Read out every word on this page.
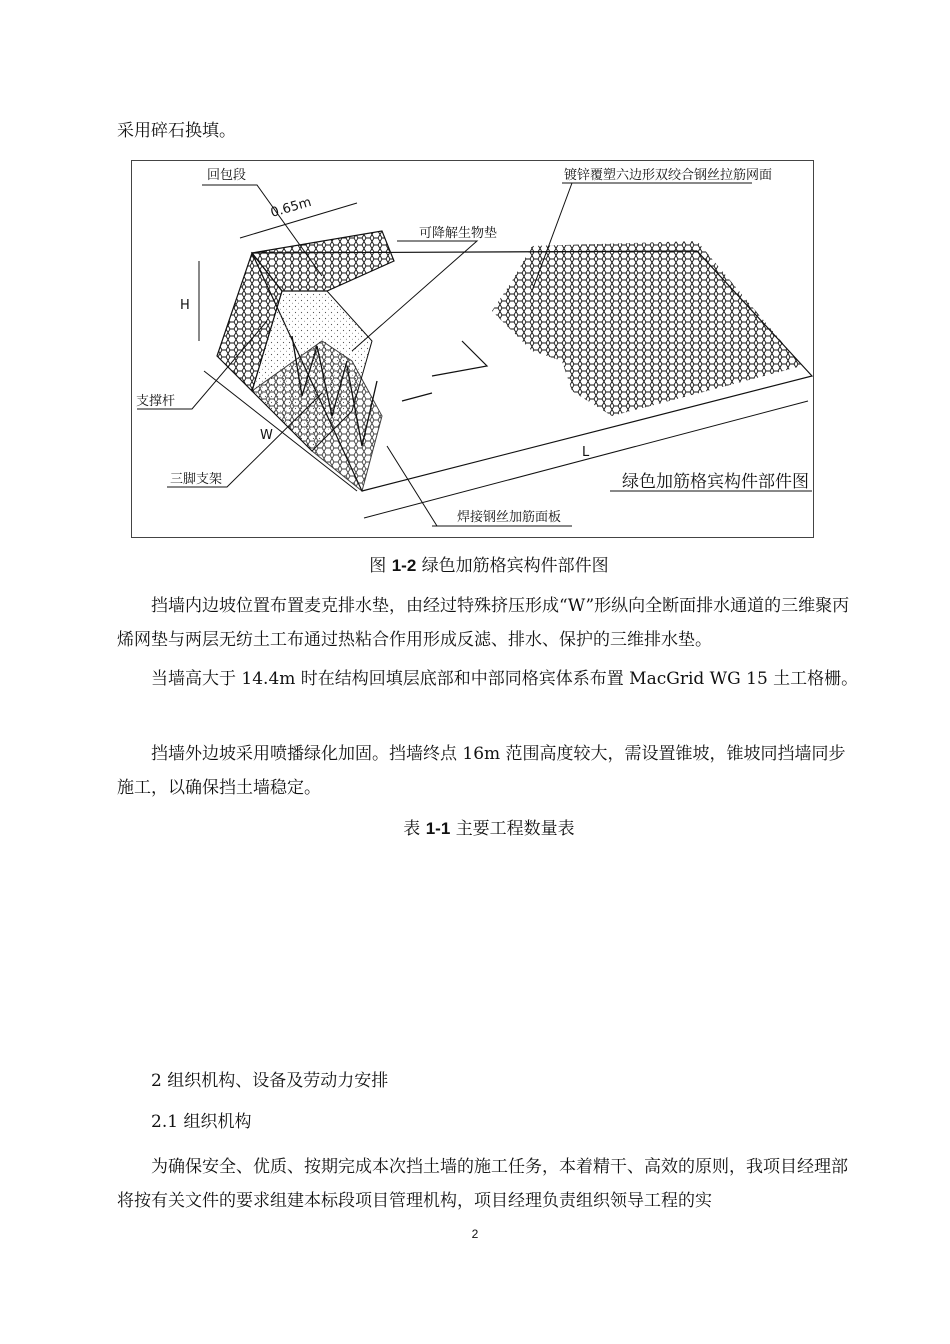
采用碎石换填。

回包段
0.65m
可降解生物垫
镀锌覆塑六边形双绞合钢丝拉筋网面
H
支撑杆
W
三脚支架
L
绿色加筋格宾构件部件图
焊接钢丝加筋面板

图 1-2 绿色加筋格宾构件部件图

挡墙内边坡位置布置麦克排水垫，由经过特殊挤压形成“W”形纵向全断面排水通道的三维聚丙烯网垫与两层无纺土工布通过热粘合作用形成反滤、排水、保护的三维排水垫。

当墙高大于 14.4m 时在结构回填层底部和中部同格宾体系布置 MacGrid WG 15 土工格栅。

挡墙外边坡采用喷播绿化加固。挡墙终点 16m 范围高度较大，需设置锥坡，锥坡同挡墙同步施工，以确保挡土墙稳定。

表 1-1 主要工程数量表

2 组织机构、设备及劳动力安排

2.1 组织机构

为确保安全、优质、按期完成本次挡土墙的施工任务，本着精干、高效的原则，我项目经理部将按有关文件的要求组建本标段项目管理机构，项目经理负责组织领导工程的实

2
